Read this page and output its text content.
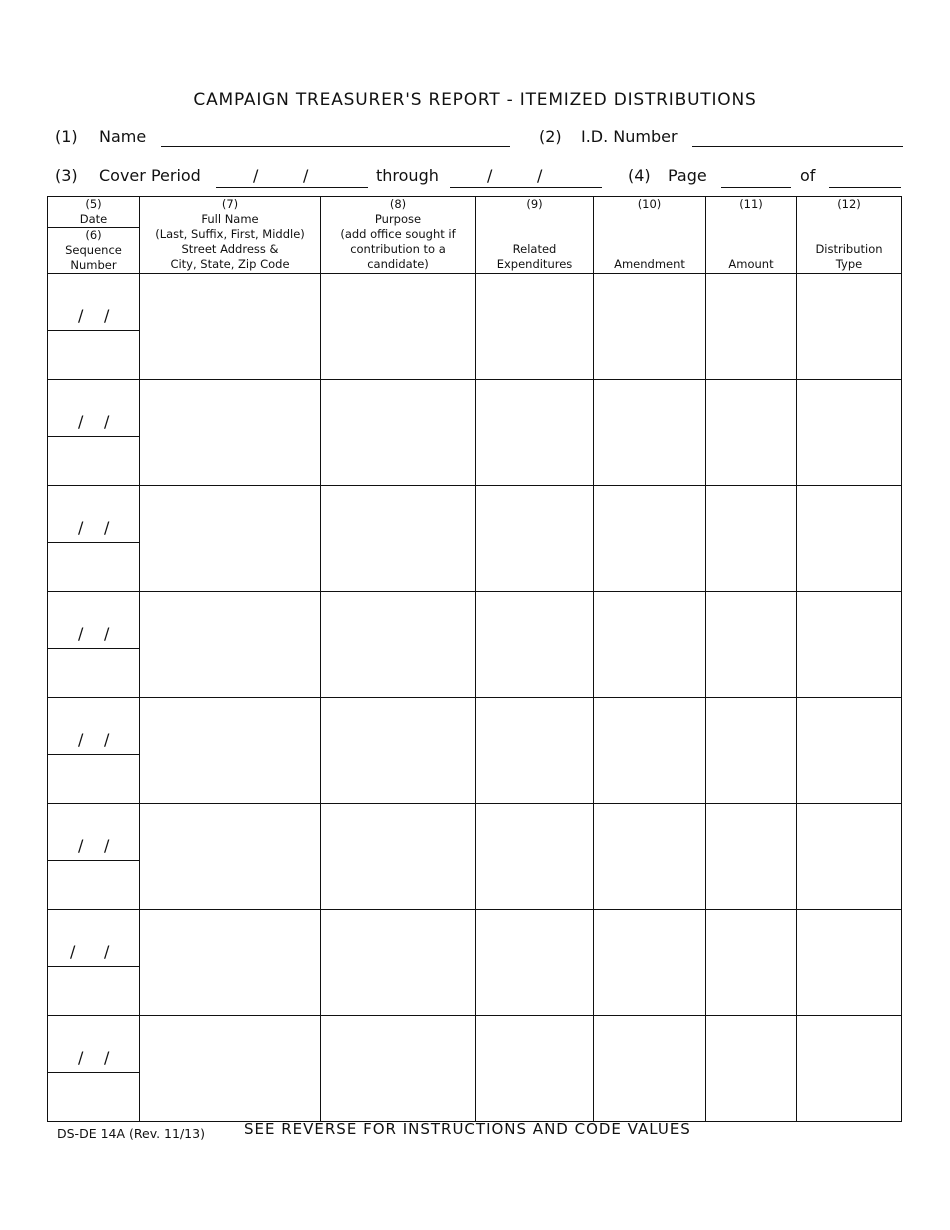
CAMPAIGN TREASURER'S REPORT - ITEMIZED DISTRIBUTIONS
(1) Name	(2) I.D. Number
(3) Cover Period	/	/	through	/	/	(4) Page	of
(5)
Date
(6)
Sequence
Number	(7)
Full Name
(Last, Suffix, First, Middle)
Street Address &
City, State, Zip Code	(8)
Purpose
(add office sought if
contribution to a
candidate)	(9)
Related
Expenditures	(10)
Amendment	(11)
Amount	(12)
Distribution
Type

/ /						

/ /						

/ /						

/ /						

/ /						

/ /						

/ /						

/ /						

DS-DE 14A (Rev. 11/13)	SEE REVERSE FOR INSTRUCTIONS AND CODE VALUES
